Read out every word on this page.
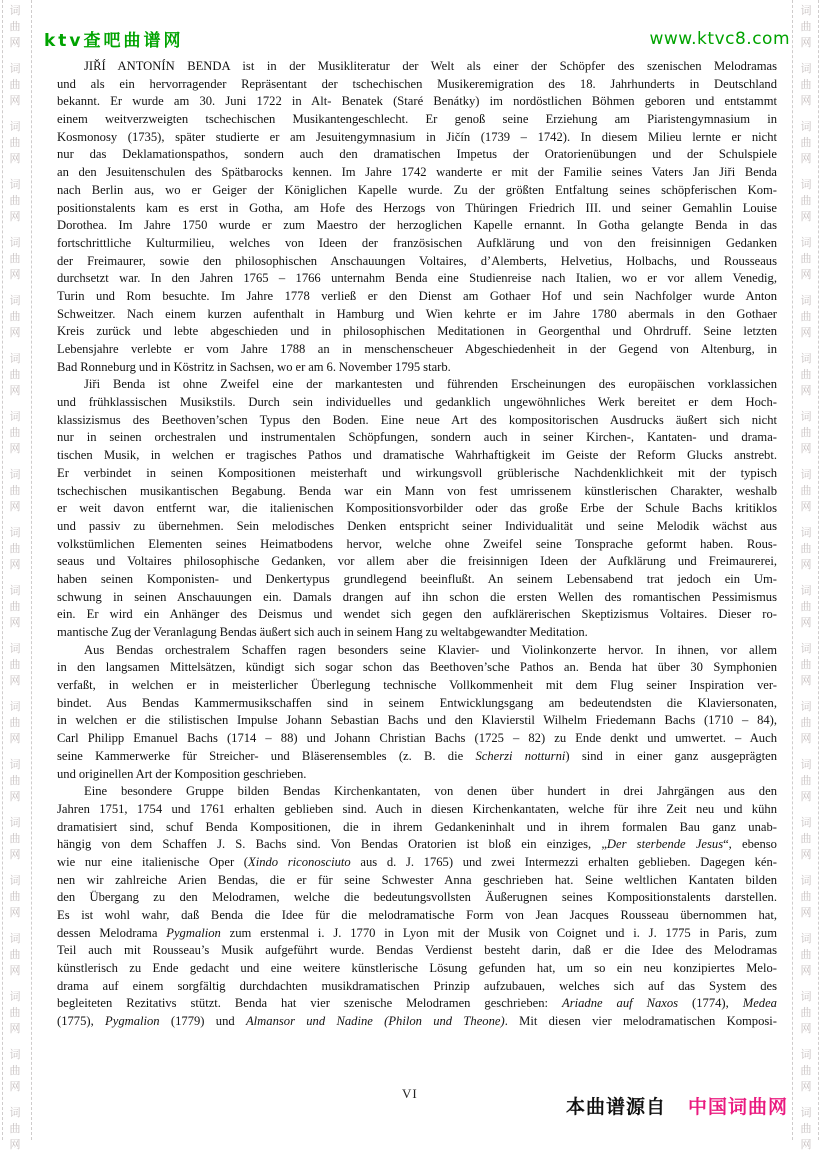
词
曲
网
词
曲
网
词
曲
网
词
曲
网
词
曲
网
词
曲
网
词
曲
网
词
曲
网
词
曲
网
词
曲
网
词
曲
网
词
曲
网
词
曲
网
词
曲
网
词
曲
网
词
曲
网
词
曲
网
词
曲
网
词
曲
网
词
曲
网
词
曲
网
词
曲
网
词
曲
网
词
曲
网
词
曲
网
词
曲
网
词
曲
网
词
曲
网
词
曲
网
词
曲
网
词
曲
网
词
曲
网
词
曲
网
词
曲
网
词
曲
网
词
曲
网
词
曲
网
词
曲
网
词
曲
网
词
曲
网
ktv查吧曲谱网	www.ktvc8.com
JIŘÍ ANTONÍN BENDA ist in der Musikliteratur der Welt als einer der Schöpfer des szenischen Melodramas
und als ein hervorragender Repräsentant der tschechischen Musikeremigration des 18. Jahrhunderts in Deutschland
bekannt. Er wurde am 30. Juni 1722 in Alt- Benatek (Staré Benátky) im nordöstlichen Böhmen geboren und entstammt
einem weitverzweigten tschechischen Musikantengeschlecht. Er genoß seine Erziehung am Piaristengymnasium in
Kosmonosy (1735), später studierte er am Jesuitengymnasium in Jičín (1739 – 1742). In diesem Milieu lernte er nicht
nur das Deklamationspathos, sondern auch den dramatischen Impetus der Oratorienübungen und der Schulspiele
an den Jesuitenschulen des Spätbarocks kennen. Im Jahre 1742 wanderte er mit der Familie seines Vaters Jan Jiři Benda
nach Berlin aus, wo er Geiger der Königlichen Kapelle wurde. Zu der größten Entfaltung seines schöpferischen Kom-
positionstalents kam es erst in Gotha, am Hofe des Herzogs von Thüringen Friedrich III. und seiner Gemahlin Louise
Dorothea. Im Jahre 1750 wurde er zum Maestro der herzoglichen Kapelle ernannt. In Gotha gelangte Benda in das
fortschrittliche Kulturmilieu, welches von Ideen der französischen Aufklärung und von den freisinnigen Gedanken
der Freimaurer, sowie den philosophischen Anschauungen Voltaires, d’Alemberts, Helvetius, Holbachs, und Rousseaus
durchsetzt war. In den Jahren 1765 – 1766 unternahm Benda eine Studienreise nach Italien, wo er vor allem Venedig,
Turin und Rom besuchte. Im Jahre 1778 verließ er den Dienst am Gothaer Hof und sein Nachfolger wurde Anton
Schweitzer. Nach einem kurzen aufenthalt in Hamburg und Wien kehrte er im Jahre 1780 abermals in den Gothaer
Kreis zurück und lebte abgeschieden und in philosophischen Meditationen in Georgenthal und Ohrdruff. Seine letzten
Lebensjahre verlebte er vom Jahre 1788 an in menschenscheuer Abgeschiedenheit in der Gegend von Altenburg, in
Bad Ronneburg und in Köstritz in Sachsen, wo er am 6. November 1795 starb.
Jiři Benda ist ohne Zweifel eine der markantesten und führenden Erscheinungen des europäischen vorklassichen
und frühklassischen Musikstils. Durch sein individuelles und gedanklich ungewöhnliches Werk bereitet er dem Hoch-
klassizismus des Beethoven’schen Typus den Boden. Eine neue Art des kompositorischen Ausdrucks äußert sich nicht
nur in seinen orchestralen und instrumentalen Schöpfungen, sondern auch in seiner Kirchen-, Kantaten- und drama-
tischen Musik, in welchen er tragisches Pathos und dramatische Wahrhaftigkeit im Geiste der Reform Glucks anstrebt.
Er verbindet in seinen Kompositionen meisterhaft und wirkungsvoll grüblerische Nachdenklichkeit mit der typisch
tschechischen musikantischen Begabung. Benda war ein Mann von fest umrissenem künstlerischen Charakter, weshalb
er weit davon entfernt war, die italienischen Kompositionsvorbilder oder das große Erbe der Schule Bachs kritiklos
und passiv zu übernehmen. Sein melodisches Denken entspricht seiner Individualität und seine Melodik wächst aus
volkstümlichen Elementen seines Heimatbodens hervor, welche ohne Zweifel seine Tonsprache geformt haben. Rous-
seaus und Voltaires philosophische Gedanken, vor allem aber die freisinnigen Ideen der Aufklärung und Freimaurerei,
haben seinen Komponisten- und Denkertypus grundlegend beeinflußt. An seinem Lebensabend trat jedoch ein Um-
schwung in seinen Anschauungen ein. Damals drangen auf ihn schon die ersten Wellen des romantischen Pessimismus
ein. Er wird ein Anhänger des Deismus und wendet sich gegen den aufklärerischen Skeptizismus Voltaires. Dieser ro-
mantische Zug der Veranlagung Bendas äußert sich auch in seinem Hang zu weltabgewandter Meditation.
Aus Bendas orchestralem Schaffen ragen besonders seine Klavier- und Violinkonzerte hervor. In ihnen, vor allem
in den langsamen Mittelsätzen, kündigt sich sogar schon das Beethoven’sche Pathos an. Benda hat über 30 Symphonien
verfaßt, in welchen er in meisterlicher Überlegung technische Vollkommenheit mit dem Flug seiner Inspiration ver-
bindet. Aus Bendas Kammermusikschaffen sind in seinem Entwicklungsgang am bedeutendsten die Klaviersonaten,
in welchen er die stilistischen Impulse Johann Sebastian Bachs und den Klavierstil Wilhelm Friedemann Bachs (1710 – 84),
Carl Philipp Emanuel Bachs (1714 – 88) und Johann Christian Bachs (1725 – 82) zu Ende denkt und umwertet. – Auch
seine Kammerwerke für Streicher- und Bläserensembles (z. B. die Scherzi notturni) sind in einer ganz ausgeprägten
und originellen Art der Komposition geschrieben.
Eine besondere Gruppe bilden Bendas Kirchenkantaten, von denen über hundert in drei Jahrgängen aus den
Jahren 1751, 1754 und 1761 erhalten geblieben sind. Auch in diesen Kirchenkantaten, welche für ihre Zeit neu und kühn
dramatisiert sind, schuf Benda Kompositionen, die in ihrem Gedankeninhalt und in ihrem formalen Bau ganz unab-
hängig von dem Schaffen J. S. Bachs sind. Von Bendas Oratorien ist bloß ein einziges, „Der sterbende Jesus“, ebenso
wie nur eine italienische Oper (Xindo riconosciuto aus d. J. 1765) und zwei Intermezzi erhalten geblieben. Dagegen kén-
nen wir zahlreiche Arien Bendas, die er für seine Schwester Anna geschrieben hat. Seine weltlichen Kantaten bilden
den Übergang zu den Melodramen, welche die bedeutungsvollsten Äußerugnen seines Kompositionstalents darstellen.
Es ist wohl wahr, daß Benda die Idee für die melodramatische Form von Jean Jacques Rousseau übernommen hat,
dessen Melodrama Pygmalion zum erstenmal i. J. 1770 in Lyon mit der Musik von Coignet und i. J. 1775 in Paris, zum
Teil auch mit Rousseau’s Musik aufgeführt wurde. Bendas Verdienst besteht darin, daß er die Idee des Melodramas
künstlerisch zu Ende gedacht und eine weitere künstlerische Lösung gefunden hat, um so ein neu konzipiertes Melo-
drama auf einem sorgfältig durchdachten musikdramatischen Prinzip aufzubauen, welches sich auf das System des
begleiteten Rezitativs stützt. Benda hat vier szenische Melodramen geschrieben: Ariadne auf Naxos (1774), Medea
(1775), Pygmalion (1779) und Almansor und Nadine (Philon und Theone). Mit diesen vier melodramatischen Komposi-
VI
本曲谱源自 中国词曲网
